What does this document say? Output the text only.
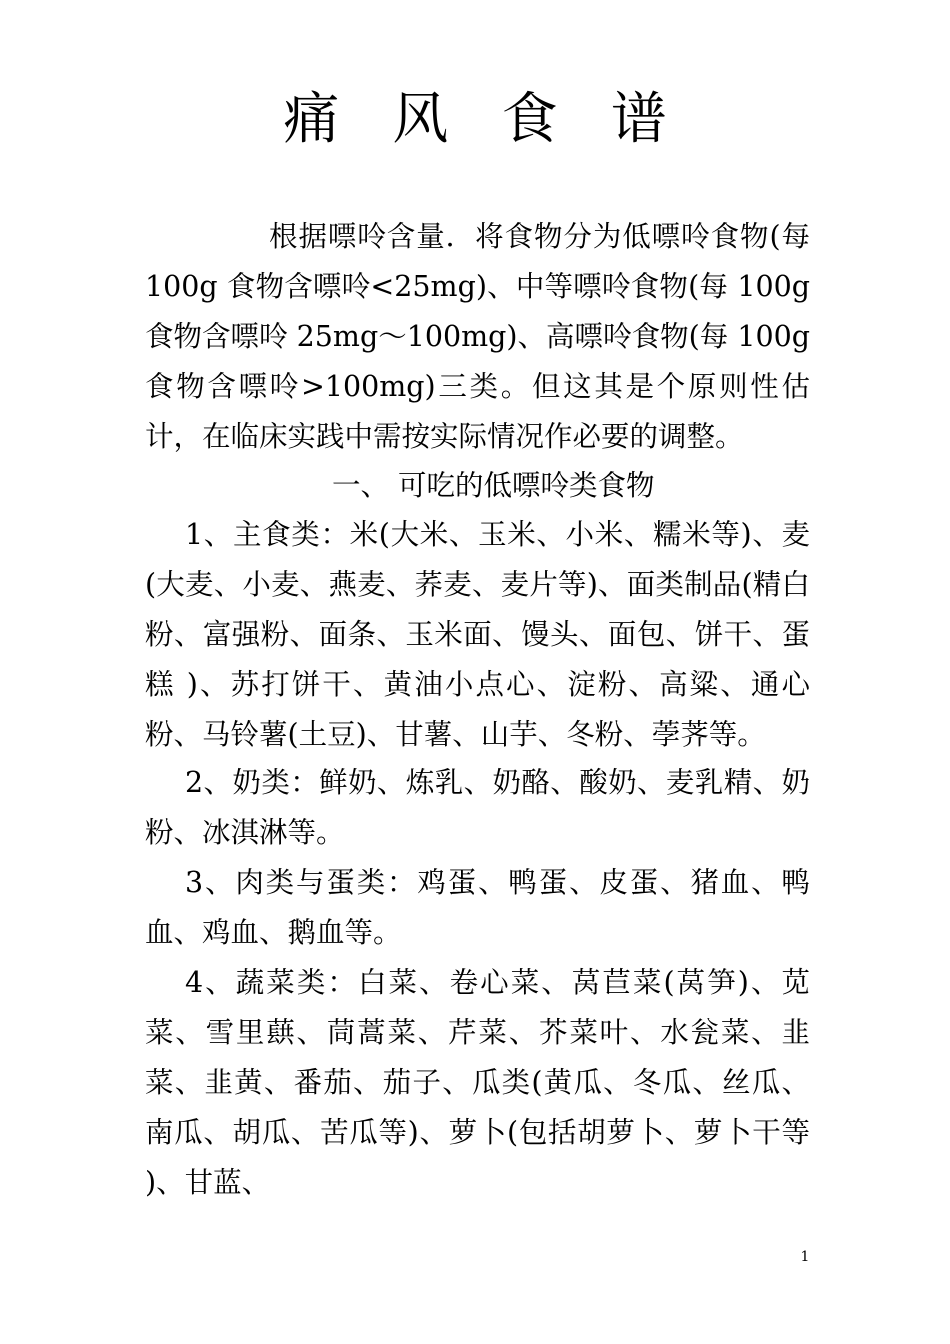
痛风食谱

根据嘌呤含量．将食物分为低嘌呤食物(每100g 食物含嘌呤<25mg)、中等嘌呤食物(每 100g 食物含嘌呤 25mg～100mg)、高嘌呤食物(每 100g 食物含嘌呤>100mg)三类。但这其是个原则性估计，在临床实践中需按实际情况作必要的调整。

一、 可吃的低嘌呤类食物

1、主食类：米(大米、玉米、小米、糯米等)、麦(大麦、小麦、燕麦、荞麦、麦片等)、面类制品(精白粉、富强粉、面条、玉米面、馒头、面包、饼干、蛋糕 )、苏打饼干、黄油小点心、淀粉、高粱、通心粉、马铃薯(土豆)、甘薯、山芋、冬粉、荸荠等。

2、奶类：鲜奶、炼乳、奶酪、酸奶、麦乳精、奶粉、冰淇淋等。

3、肉类与蛋类：鸡蛋、鸭蛋、皮蛋、猪血、鸭血、鸡血、鹅血等。

4、蔬菜类：白菜、卷心菜、莴苣菜(莴笋)、苋菜、雪里蕻、茼蒿菜、芹菜、芥菜叶、水瓮菜、韭菜、韭黄、番茄、茄子、瓜类(黄瓜、冬瓜、丝瓜、南瓜、胡瓜、苦瓜等)、萝卜(包括胡萝卜、萝卜干等 )、甘蓝、

1
